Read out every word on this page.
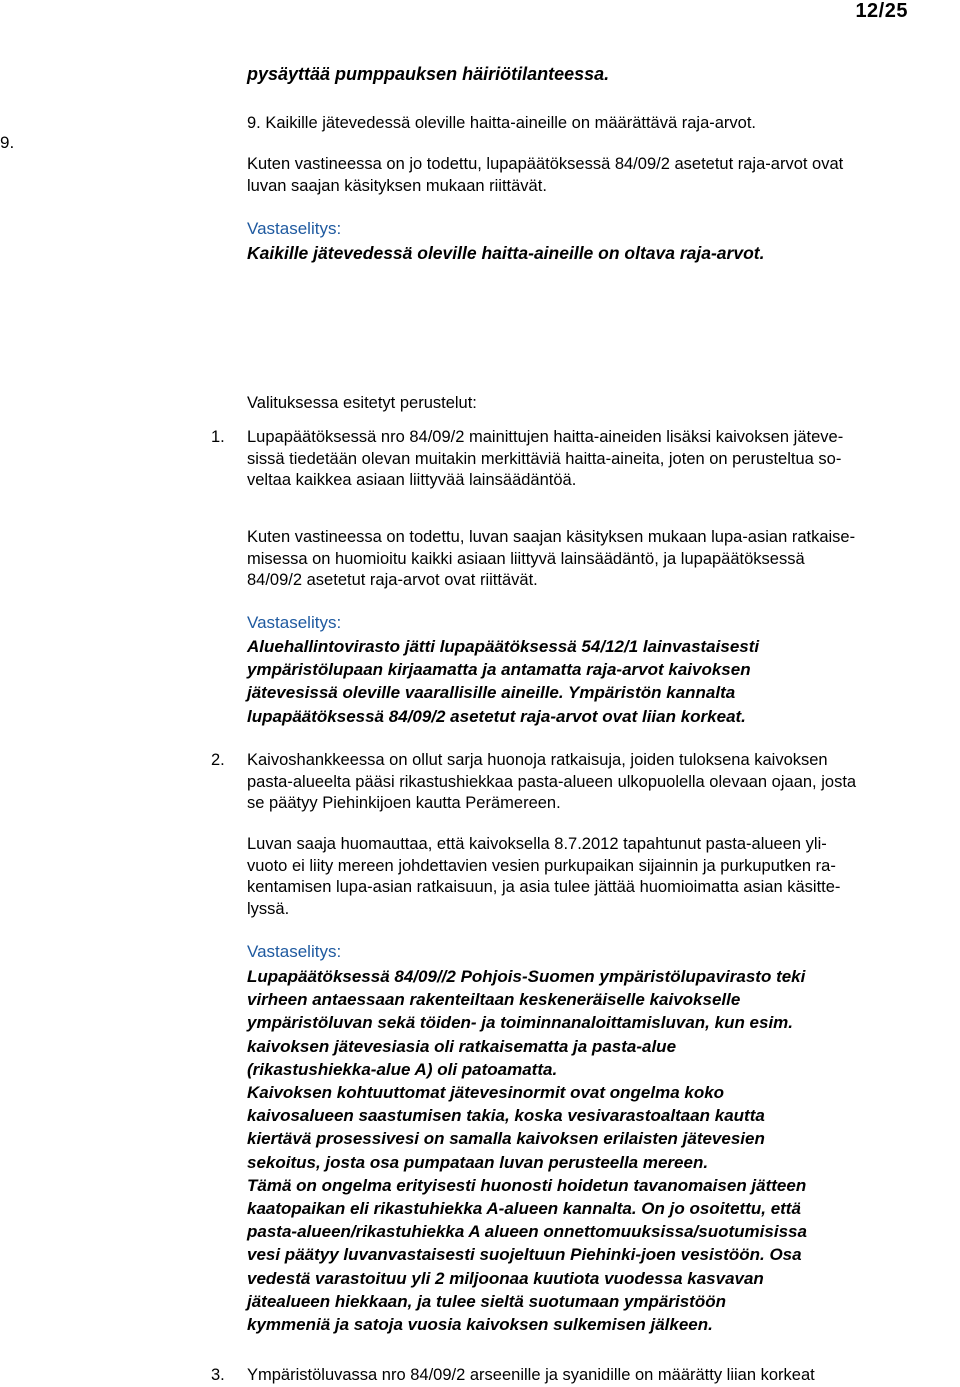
12/25
9.
pysäyttää pumppauksen häiriötilanteessa.
9. Kaikille jätevedessä oleville haitta-aineille on määrättävä raja-arvot.
Kuten vastineessa on jo todettu, lupapäätöksessä 84/09/2 asetetut raja-arvot ovat
luvan saajan käsityksen mukaan riittävät.
Vastaselitys:
Kaikille jätevedessä oleville haitta-aineille on oltava raja-arvot.
Valituksessa esitetyt perustelut:
1. Lupapäätöksessä nro 84/09/2 mainittujen haitta-aineiden lisäksi kaivoksen jäteve-
sissä tiedetään olevan muitakin merkittäviä haitta-aineita, joten on perusteltua so-
veltaa kaikkea asiaan liittyvää lainsäädäntöä.
Kuten vastineessa on todettu, luvan saajan käsityksen mukaan lupa-asian ratkaise-
misessa on huomioitu kaikki asiaan liittyvä lainsäädäntö, ja lupapäätöksessä
84/09/2 asetetut raja-arvot ovat riittävät.
Vastaselitys:
Aluehallintovirasto jätti lupapäätöksessä 54/12/1 lainvastaisesti
ympäristölupaan kirjaamatta ja antamatta raja-arvot kaivoksen
jätevesissä oleville vaarallisille aineille. Ympäristön kannalta
lupapäätöksessä 84/09/2 asetetut raja-arvot ovat liian korkeat.
2. Kaivoshankkeessa on ollut sarja huonoja ratkaisuja, joiden tuloksena kaivoksen
pasta-alueelta pääsi rikastushiekkaa pasta-alueen ulkopuolella olevaan ojaan, josta
se päätyy Piehinkijoen kautta Perämereen.
Luvan saaja huomauttaa, että kaivoksella 8.7.2012 tapahtunut pasta-alueen yli-
vuoto ei liity mereen johdettavien vesien purkupaikan sijainnin ja purkuputken ra-
kentamisen lupa-asian ratkaisuun, ja asia tulee jättää huomioimatta asian käsitte-
lyssä.
Vastaselitys:
Lupapäätöksessä 84/09//2 Pohjois-Suomen ympäristölupavirasto teki
virheen antaessaan rakenteiltaan keskeneräiselle kaivokselle
ympäristöluvan sekä töiden- ja toiminnanaloittamisluvan, kun esim.
kaivoksen jätevesiasia oli ratkaisematta ja pasta-alue
(rikastushiekka-alue A) oli patoamatta.
Kaivoksen kohtuuttomat jätevesinormit ovat ongelma koko
kaivosalueen saastumisen takia, koska vesivarastoaltaan kautta
kiertävä prosessivesi on samalla kaivoksen erilaisten jätevesien
sekoitus, josta osa pumpataan luvan perusteella mereen.
Tämä on ongelma erityisesti huonosti hoidetun tavanomaisen jätteen
kaatopaikan eli rikastuhiekka A-alueen kannalta. On jo osoitettu, että
pasta-alueen/rikastuhiekka A alueen onnettomuuksissa/suotumisissa
vesi päätyy luvanvastaisesti suojeltuun Piehinki-joen vesistöön. Osa
vedestä varastoituu yli 2 miljoonaa kuutiota vuodessa kasvavan
jätealueen hiekkaan, ja tulee sieltä suotumaan ympäristöön
kymmeniä ja satoja vuosia kaivoksen sulkemisen jälkeen.
3. Ympäristöluvassa nro 84/09/2 arseenille ja syanidille on määrätty liian korkeat
